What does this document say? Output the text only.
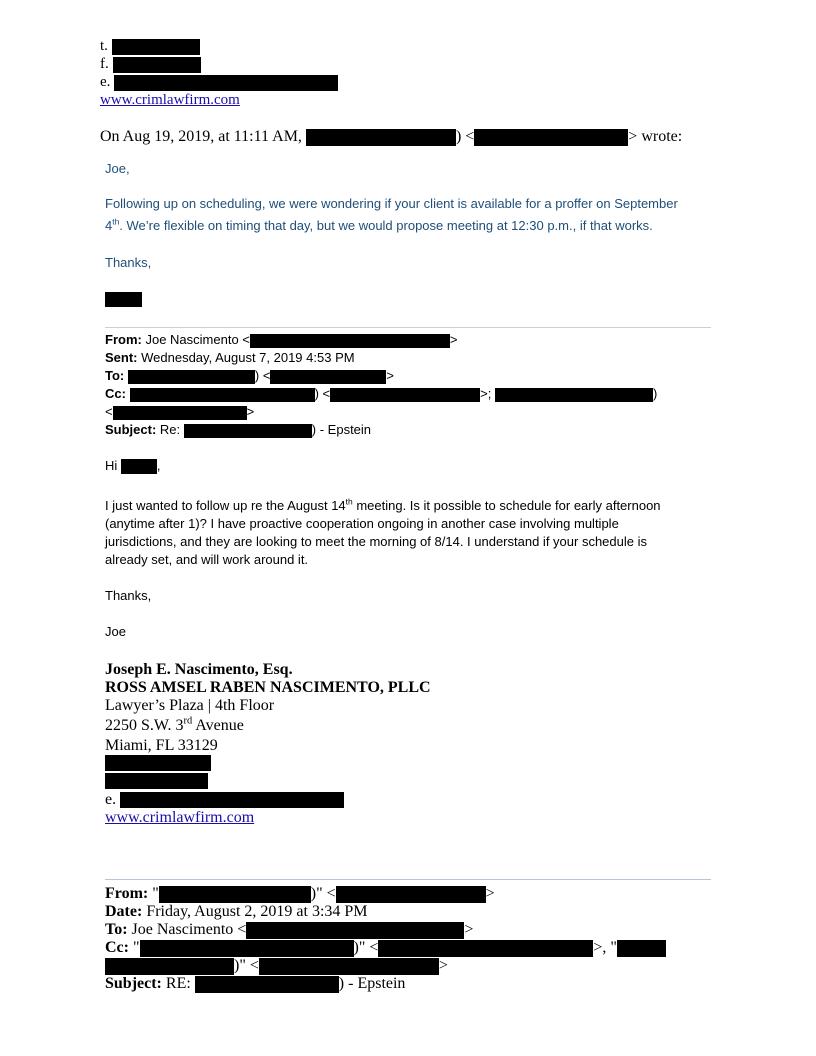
t.
f.
e.
www.crimlawfirm.com
On Aug 19, 2019, at 11:11 AM,	) <	> wrote:
Joe,
Following up on scheduling, we were wondering if your client is available for a proffer on September
4th. We’re flexible on timing that day, but we would propose meeting at 12:30 p.m., if that works.
Thanks,
From: Joe Nascimento <	>
Sent: Wednesday, August 7, 2019 4:53 PM
To:	) <	>
Cc:	) <	>;	)
<	>
Subject: Re:	) - Epstein
Hi	,
I just wanted to follow up re the August 14th meeting. Is it possible to schedule for early afternoon
(anytime after 1)? I have proactive cooperation ongoing in another case involving multiple
jurisdictions, and they are looking to meet the morning of 8/14. I understand if your schedule is
already set, and will work around it.
Thanks,
Joe
Joseph E. Nascimento, Esq.
ROSS AMSEL RABEN NASCIMENTO, PLLC
Lawyer’s Plaza | 4th Floor
2250 S.W. 3rd Avenue
Miami, FL 33129
e.
www.crimlawfirm.com
From: "	)" <	>
Date: Friday, August 2, 2019 at 3:34 PM
To: Joe Nascimento <	>
Cc: "	)" <	>, "
)" <	>
Subject: RE:	) - Epstein
